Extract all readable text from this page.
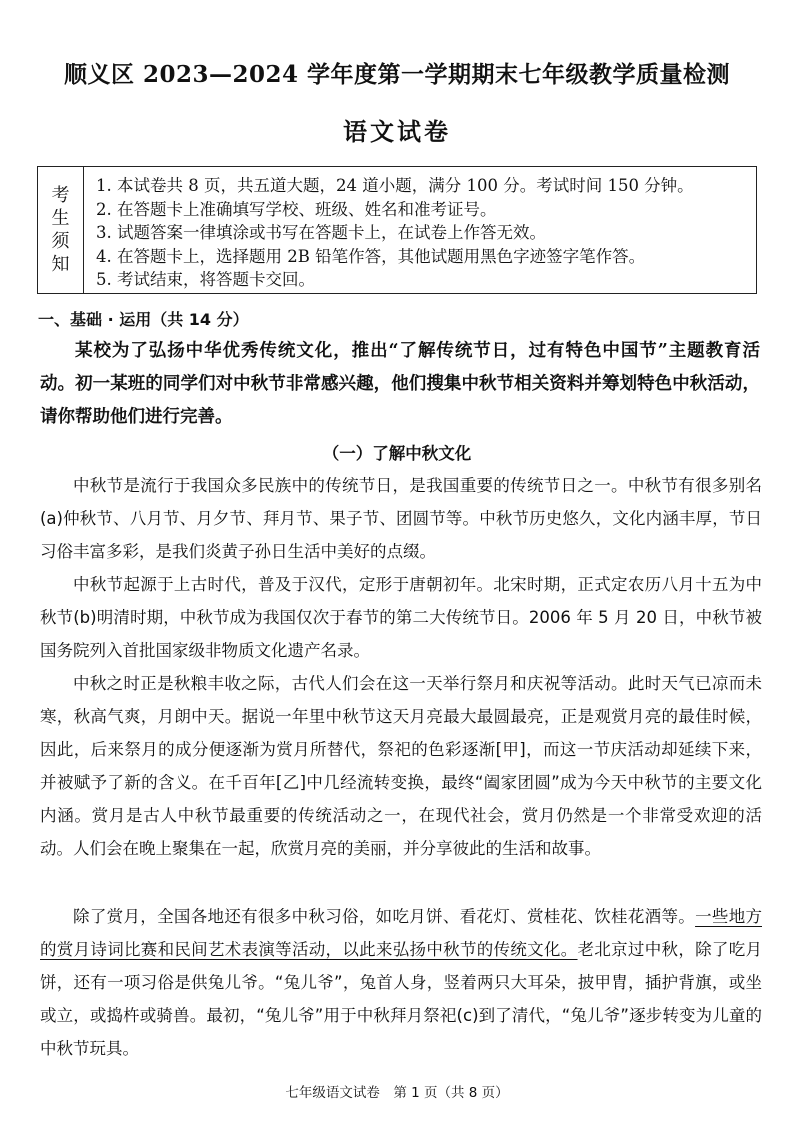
顺义区 2023—2024 学年度第一学期期末七年级教学质量检测
语文试卷
考
生
须
知
1. 本试卷共 8 页，共五道大题，24 道小题，满分 100 分。考试时间 150 分钟。
2. 在答题卡上准确填写学校、班级、姓名和准考证号。
3. 试题答案一律填涂或书写在答题卡上，在试卷上作答无效。
4. 在答题卡上，选择题用 2B 铅笔作答，其他试题用黑色字迹签字笔作答。
5. 考试结束，将答题卡交回。
一、基础 · 运用（共 14 分）

某校为了弘扬中华优秀传统文化，推出“了解传统节日，过有特色中国节”主题教育活动。初一某班的同学们对中秋节非常感兴趣，他们搜集中秋节相关资料并筹划特色中秋活动，请你帮助他们进行完善。

（一）了解中秋文化

中秋节是流行于我国众多民族中的传统节日，是我国重要的传统节日之一。中秋节有很多别名(a)仲秋节、八月节、月夕节、拜月节、果子节、团圆节等。中秋节历史悠久，文化内涵丰厚，节日习俗丰富多彩，是我们炎黄子孙日生活中美好的点缀。

中秋节起源于上古时代，普及于汉代，定形于唐朝初年。北宋时期，正式定农历八月十五为中秋节(b)明清时期，中秋节成为我国仅次于春节的第二大传统节日。2006 年 5 月 20 日，中秋节被国务院列入首批国家级非物质文化遗产名录。

中秋之时正是秋粮丰收之际，古代人们会在这一天举行祭月和庆祝等活动。此时天气已凉而未寒，秋高气爽，月朗中天。据说一年里中秋节这天月亮最大最圆最亮，正是观赏月亮的最佳时候，因此，后来祭月的成分便逐渐为赏月所替代，祭祀的色彩逐渐[甲]，而这一节庆活动却延续下来，并被赋予了新的含义。在千百年[乙]中几经流转变换，最终“阖家团圆”成为今天中秋节的主要文化内涵。赏月是古人中秋节最重要的传统活动之一，在现代社会，赏月仍然是一个非常受欢迎的活动。人们会在晚上聚集在一起，欣赏月亮的美丽，并分享彼此的生活和故事。

除了赏月，全国各地还有很多中秋习俗，如吃月饼、看花灯、赏桂花、饮桂花酒等。一些地方的赏月诗词比赛和民间艺术表演等活动，以此来弘扬中秋节的传统文化。老北京过中秋，除了吃月饼，还有一项习俗是供兔儿爷。“兔儿爷”，兔首人身，竖着两只大耳朵，披甲胄，插护背旗，或坐或立，或捣杵或骑兽。最初，“兔儿爷”用于中秋拜月祭祀(c)到了清代，“兔儿爷”逐步转变为儿童的中秋节玩具。

七年级语文试卷　第 1 页（共 8 页）
